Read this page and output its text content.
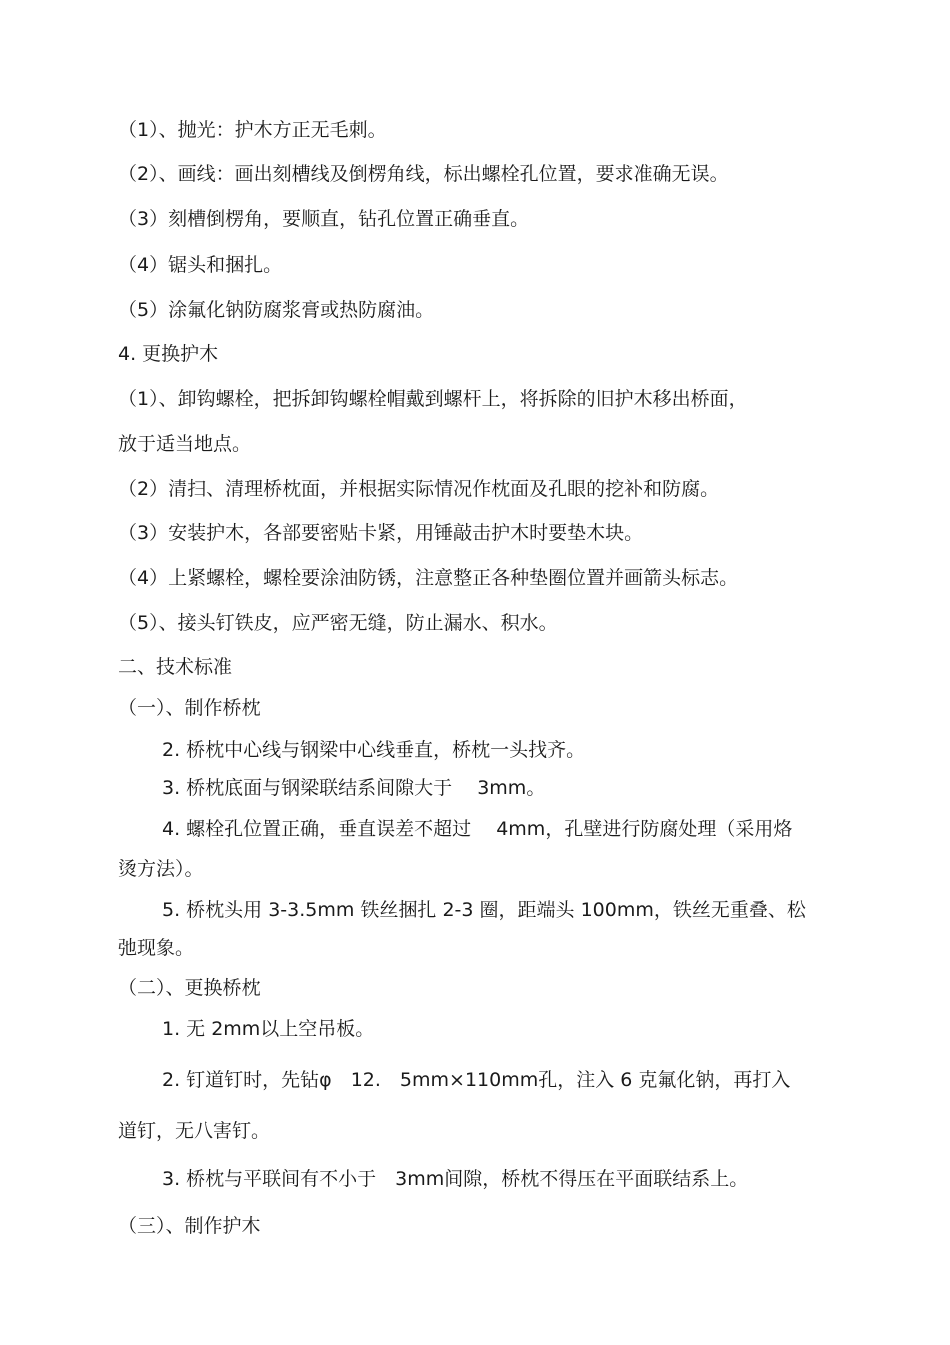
（1）、抛光：护木方正无毛刺。
（2）、画线：画出刻槽线及倒楞角线，标出螺栓孔位置，要求准确无误。
（3）刻槽倒楞角，要顺直，钻孔位置正确垂直。
（4）锯头和捆扎。
（5）涂氟化钠防腐浆膏或热防腐油。
4. 更换护木
（1）、卸钩螺栓，把拆卸钩螺栓帽戴到螺杆上，将拆除的旧护木移出桥面，
放于适当地点。
（2）清扫、清理桥枕面，并根据实际情况作枕面及孔眼的挖补和防腐。
（3）安装护木，各部要密贴卡紧，用锤敲击护木时要垫木块。
（4）上紧螺栓，螺栓要涂油防锈，注意整正各种垫圈位置并画箭头标志。
（5）、接头钉铁皮，应严密无缝，防止漏水、积水。
二、技术标准
（一）、制作桥枕
2. 桥枕中心线与钢梁中心线垂直，桥枕一头找齐。
3. 桥枕底面与钢梁联结系间隙大于　 3mm。
4. 螺栓孔位置正确，垂直误差不超过　 4mm，孔壁进行防腐处理（采用烙
烫方法）。
5. 桥枕头用 3-3.5mm 铁丝捆扎 2-3 圈，距端头 100mm，铁丝无重叠、松
弛现象。
（二）、更换桥枕
1. 无 2mm以上空吊板。
2. 钉道钉时，先钻φ　12.　5mm×110mm孔，注入 6 克氟化钠，再打入
道钉，无八害钉。
3. 桥枕与平联间有不小于　3mm间隙，桥枕不得压在平面联结系上。
（三）、制作护木
